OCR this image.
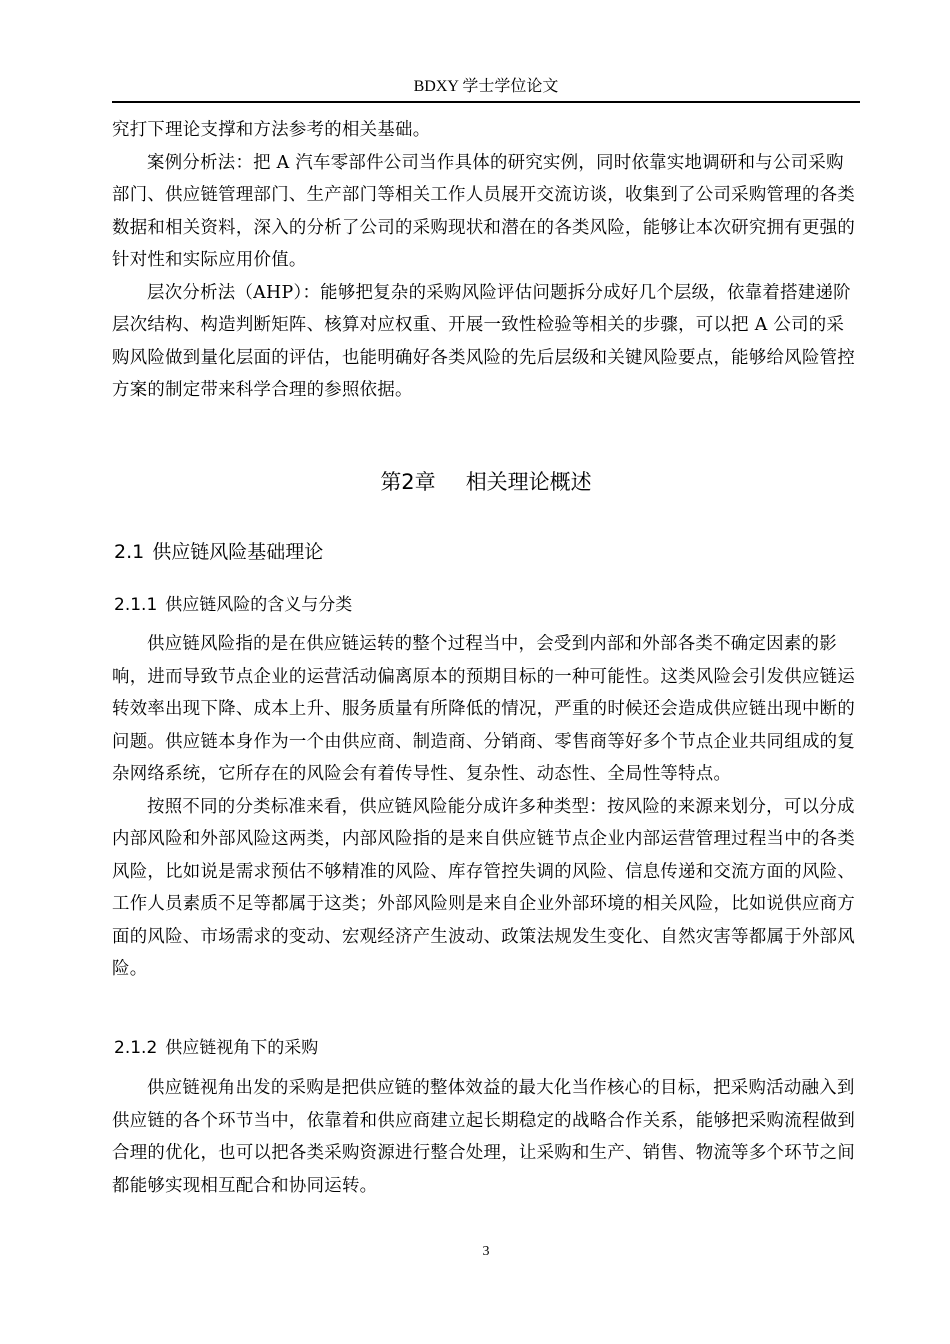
BDXY 学士学位论文

究打下理论支撑和方法参考的相关基础。

案例分析法：把 A 汽车零部件公司当作具体的研究实例，同时依靠实地调研和与公司采购部门、供应链管理部门、生产部门等相关工作人员展开交流访谈，收集到了公司采购管理的各类数据和相关资料，深入的分析了公司的采购现状和潜在的各类风险，能够让本次研究拥有更强的针对性和实际应用价值。

层次分析法（AHP）：能够把复杂的采购风险评估问题拆分成好几个层级，依靠着搭建递阶层次结构、构造判断矩阵、核算对应权重、开展一致性检验等相关的步骤，可以把 A 公司的采购风险做到量化层面的评估，也能明确好各类风险的先后层级和关键风险要点，能够给风险管控方案的制定带来科学合理的参照依据。

第2章 相关理论概述
2.1 供应链风险基础理论
2.1.1 供应链风险的含义与分类

供应链风险指的是在供应链运转的整个过程当中，会受到内部和外部各类不确定因素的影响，进而导致节点企业的运营活动偏离原本的预期目标的一种可能性。这类风险会引发供应链运转效率出现下降、成本上升、服务质量有所降低的情况，严重的时候还会造成供应链出现中断的问题。供应链本身作为一个由供应商、制造商、分销商、零售商等好多个节点企业共同组成的复杂网络系统，它所存在的风险会有着传导性、复杂性、动态性、全局性等特点。

按照不同的分类标准来看，供应链风险能分成许多种类型：按风险的来源来划分，可以分成内部风险和外部风险这两类，内部风险指的是来自供应链节点企业内部运营管理过程当中的各类风险，比如说是需求预估不够精准的风险、库存管控失调的风险、信息传递和交流方面的风险、工作人员素质不足等都属于这类；外部风险则是来自企业外部环境的相关风险，比如说供应商方面的风险、市场需求的变动、宏观经济产生波动、政策法规发生变化、自然灾害等都属于外部风险。

2.1.2 供应链视角下的采购

供应链视角出发的采购是把供应链的整体效益的最大化当作核心的目标，把采购活动融入到供应链的各个环节当中，依靠着和供应商建立起长期稳定的战略合作关系，能够把采购流程做到合理的优化，也可以把各类采购资源进行整合处理，让采购和生产、销售、物流等多个环节之间都能够实现相互配合和协同运转。

3
